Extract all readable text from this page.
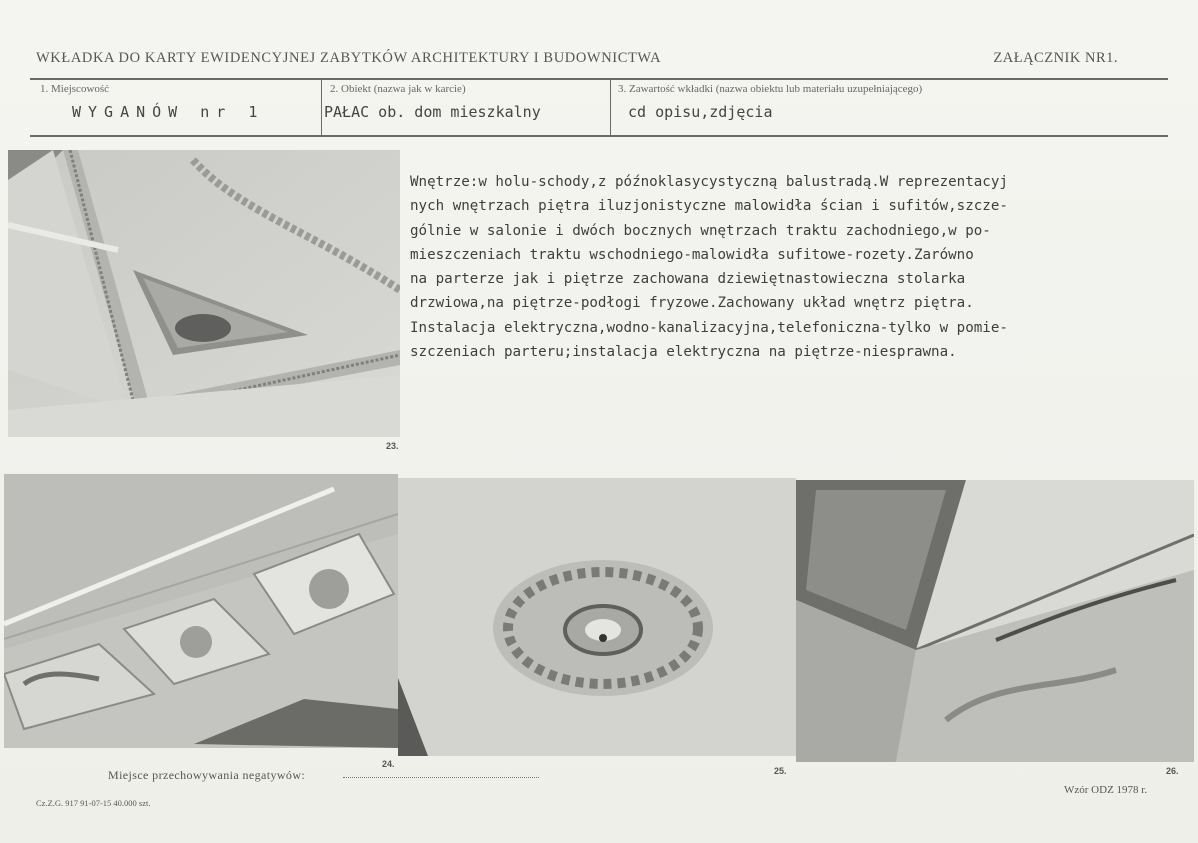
WKŁADKA DO KARTY EWIDENCYJNEJ ZABYTKÓW ARCHITEKTURY I BUDOWNICTWA	ZAŁĄCZNIK NR1.
1. Miejscowość
WYGANÓW nr 1
2. Obiekt (nazwa jak w karcie)
PAŁAC ob. dom mieszkalny
3. Zawartość wkładki (nazwa obiektu lub materiału uzupełniającego)
cd opisu,zdjęcia
23.
Wnętrze:w holu-schody,z późnoklasycystyczną balustradą.W reprezentacyj
nych wnętrzach piętra iluzjonistyczne malowidła ścian i sufitów,szcze-
gólnie w salonie i dwóch bocznych wnętrzach traktu zachodniego,w po-
mieszczeniach traktu wschodniego-malowidła sufitowe-rozety.Zarówno
na parterze jak i piętrze zachowana dziewiętnastowieczna stolarka
drzwiowa,na piętrze-podłogi fryzowe.Zachowany układ wnętrz piętra.
Instalacja elektryczna,wodno-kanalizacyjna,telefoniczna-tylko w pomie-
szczeniach parteru;instalacja elektryczna na piętrze-niesprawna.
24.
25.	26.
Miejsce przechowywania negatywów:
Cz.Z.G. 917 91-07-15 40.000 szt.
Wzór ODZ 1978 r.
